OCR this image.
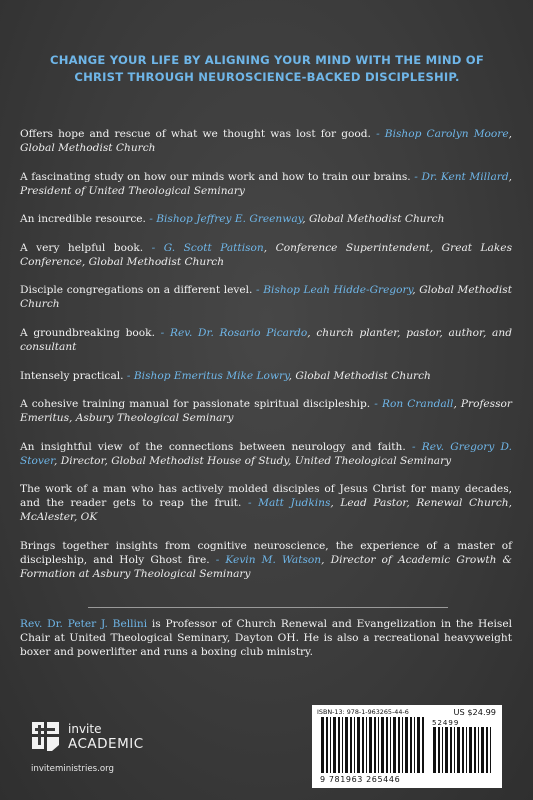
CHANGE YOUR LIFE BY ALIGNING YOUR MIND WITH THE MIND OF CHRIST THROUGH NEUROSCIENCE-BACKED DISCIPLESHIP.
Offers hope and rescue of what we thought was lost for good. - Bishop Carolyn Moore, Global Methodist Church
A fascinating study on how our minds work and how to train our brains. - Dr. Kent Millard, President of United Theological Seminary
An incredible resource. - Bishop Jeffrey E. Greenway, Global Methodist Church
A very helpful book. - G. Scott Pattison, Conference Superintendent, Great Lakes Conference, Global Methodist Church
Disciple congregations on a different level. - Bishop Leah Hidde-Gregory, Global Methodist Church
A groundbreaking book. - Rev. Dr. Rosario Picardo, church planter, pastor, author, and consultant
Intensely practical. - Bishop Emeritus Mike Lowry, Global Methodist Church
A cohesive training manual for passionate spiritual discipleship. - Ron Crandall, Professor Emeritus, Asbury Theological Seminary
An insightful view of the connections between neurology and faith. - Rev. Gregory D. Stover, Director, Global Methodist House of Study, United Theological Seminary
The work of a man who has actively molded disciples of Jesus Christ for many decades, and the reader gets to reap the fruit. - Matt Judkins, Lead Pastor, Renewal Church, McAlester, OK
Brings together insights from cognitive neuroscience, the experience of a master of discipleship, and Holy Ghost fire. - Kevin M. Watson, Director of Academic Growth & Formation at Asbury Theological Seminary
Rev. Dr. Peter J. Bellini is Professor of Church Renewal and Evangelization in the Heisel Chair at United Theological Seminary, Dayton OH. He is also a recreational heavyweight boxer and powerlifter and runs a boxing club ministry.
invite
ACADEMIC
inviteministries.org
ISBN-13: 978-1-963265-44-6	US $24.99
52499
9 781963 265446
